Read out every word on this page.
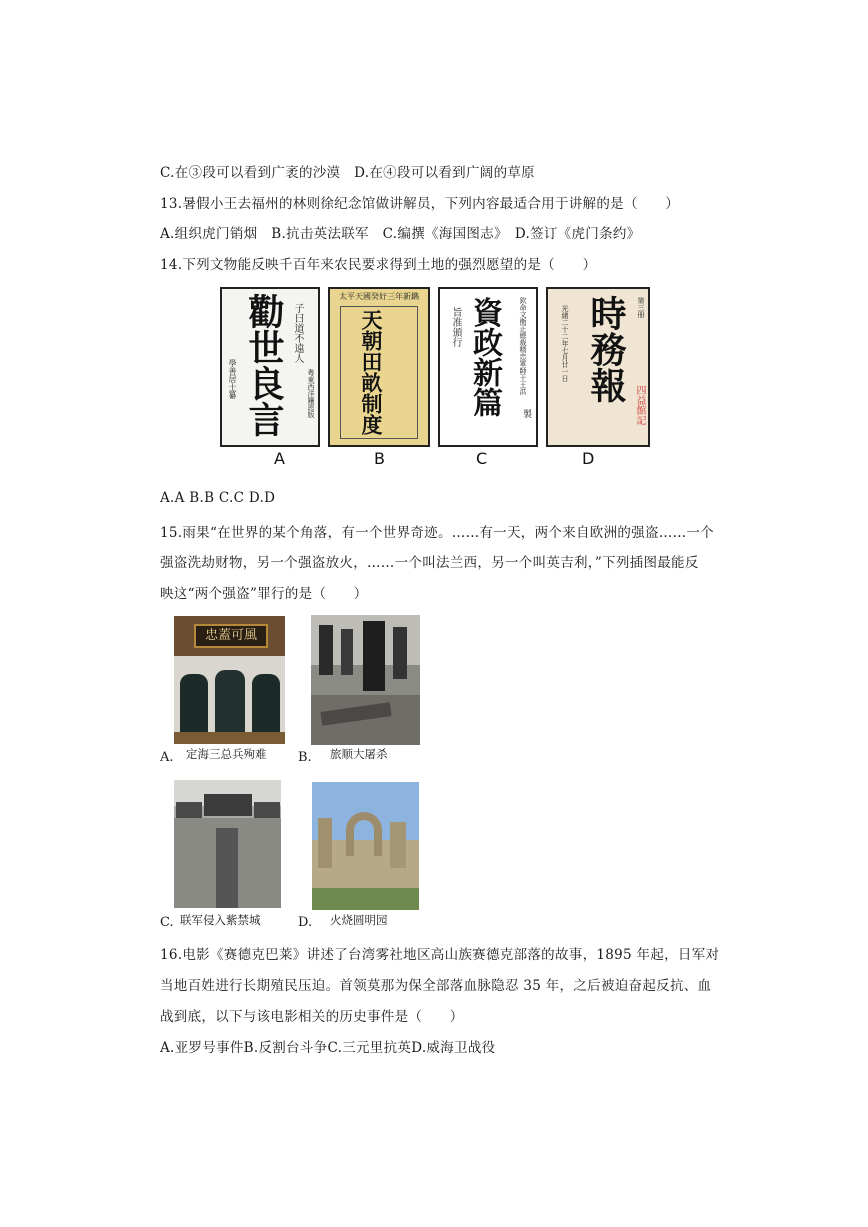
C.在③段可以看到广袤的沙漠　D.在④段可以看到广阔的草原
13.暑假小王去福州的林则徐纪念馆做讲解员，下列内容最适合用于讲解的是（　　）
A.组织虎门销烟　B.抗击英法联军　C.编撰《海国图志》　D.签订《虎门条约》
14.下列文物能反映千百年来农民要求得到土地的强烈愿望的是（　　）
學善居士纂 勸世良言 子曰道不遠人
粤東西洋鑲恩版
太平天國癸好三年新鐫
天朝田畝制度	旨准頒行 資政新篇 欽命文衡正總裁精忠軍師干王洪
製
第三冊
時務報
光緒二十二年七月廿一日
四益館記
A	B	C	D
A.A B.B C.C D.D
15.雨果“在世界的某个角落，有一个世界奇迹。……有一天，两个来自欧洲的强盗……一个
强盗洗劫财物，另一个强盗放火，……一个叫法兰西，另一个叫英吉利，”下列插图最能反
映这“两个强盗”罪行的是（　　）
忠蓋可風
A. 定海三总兵殉难 B. 旅顺大屠杀
C. 联军侵入紫禁城	D. 火烧圆明园
16.电影《赛德克巴莱》讲述了台湾雾社地区高山族赛德克部落的故事，1895 年起，日军对
当地百姓进行长期殖民压迫。首领莫那为保全部落血脉隐忍 35 年，之后被迫奋起反抗、血
战到底，以下与该电影相关的历史事件是（　　）
A.亚罗号事件B.反割台斗争C.三元里抗英D.威海卫战役
